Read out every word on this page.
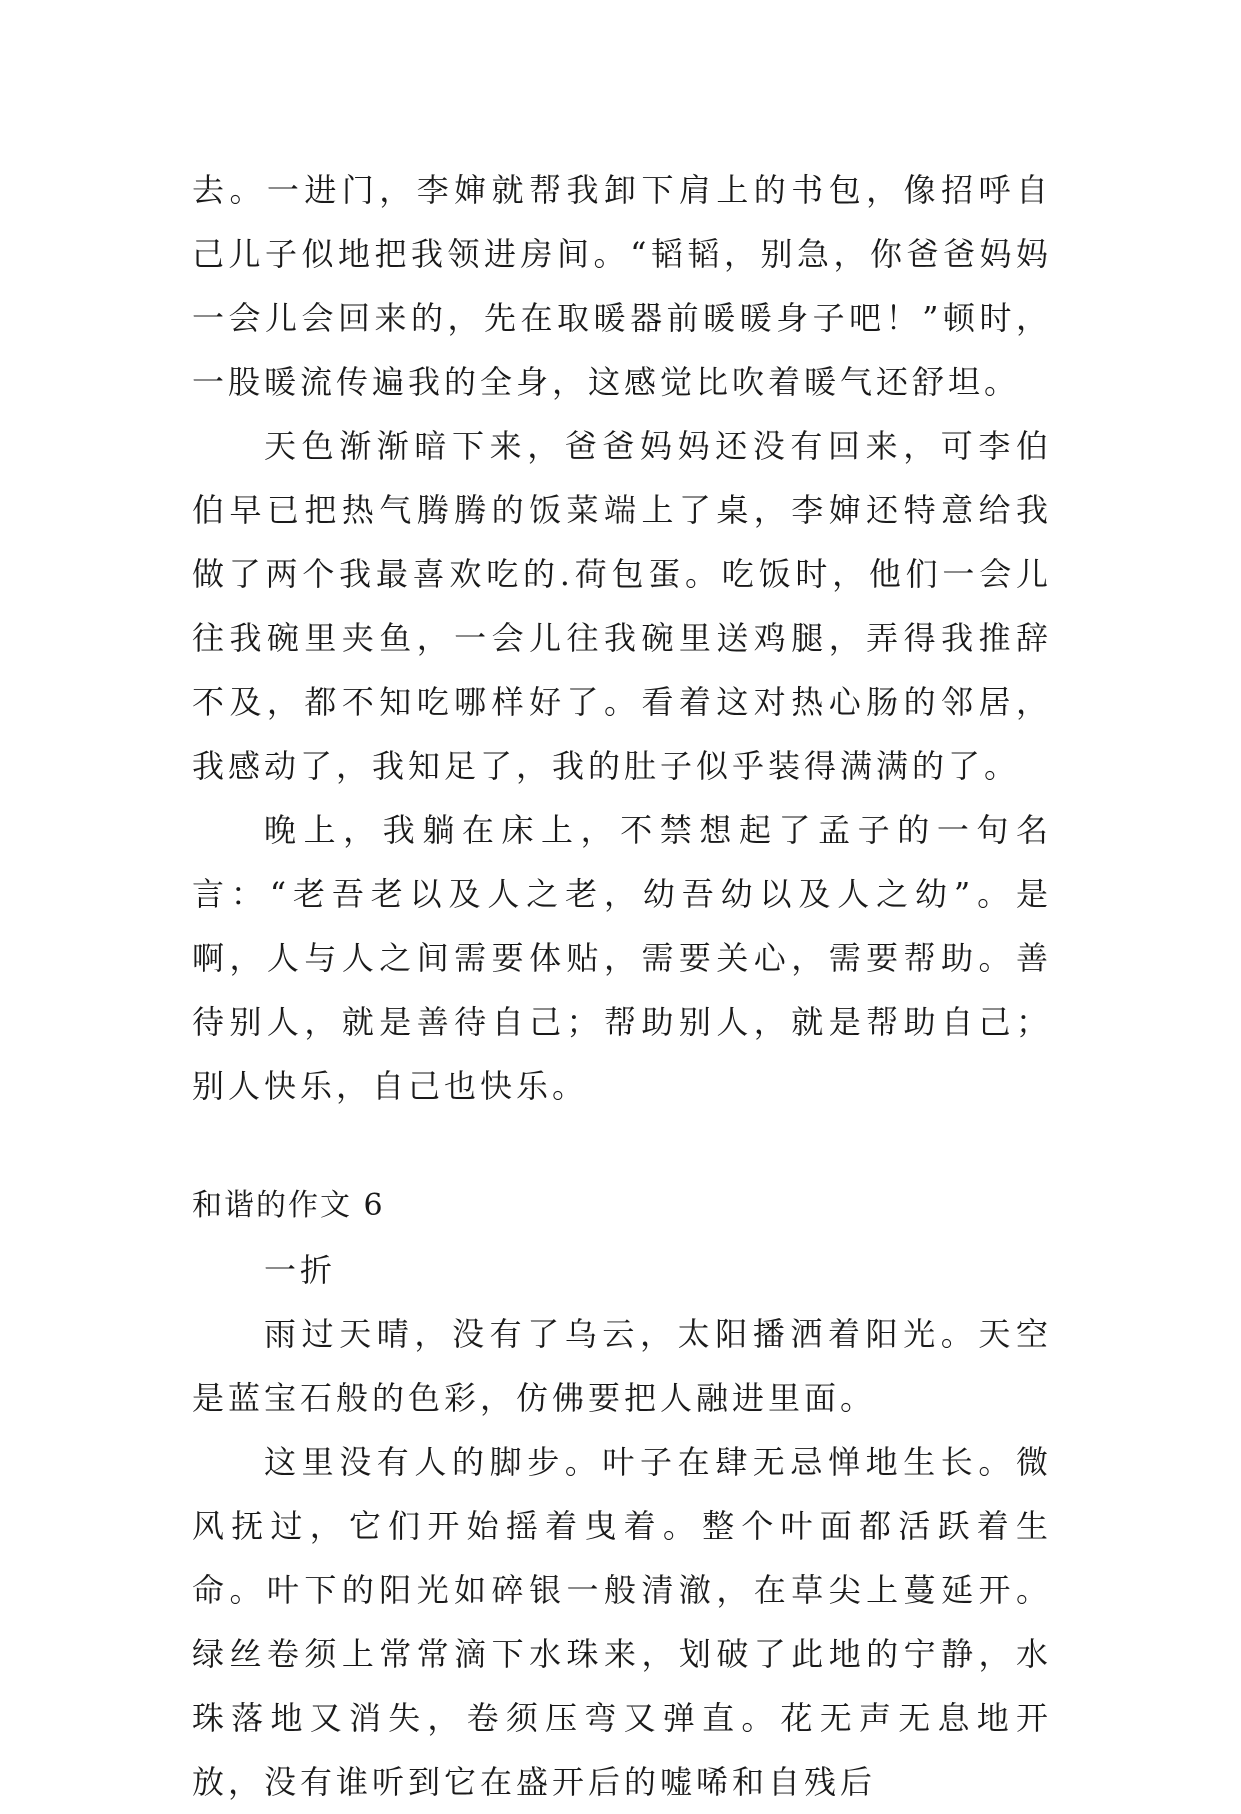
去。一进门，李婶就帮我卸下肩上的书包，像招呼自己儿子似地把我领进房间。“韬韬，别急，你爸爸妈妈一会儿会回来的，先在取暖器前暖暖身子吧！”顿时，一股暖流传遍我的全身，这感觉比吹着暖气还舒坦。

天色渐渐暗下来，爸爸妈妈还没有回来，可李伯伯早已把热气腾腾的饭菜端上了桌，李婶还特意给我做了两个我最喜欢吃的.荷包蛋。吃饭时，他们一会儿往我碗里夹鱼，一会儿往我碗里送鸡腿，弄得我推辞不及，都不知吃哪样好了。看着这对热心肠的邻居，我感动了，我知足了，我的肚子似乎装得满满的了。

晚上，我躺在床上，不禁想起了孟子的一句名言：“老吾老以及人之老，幼吾幼以及人之幼”。是啊，人与人之间需要体贴，需要关心，需要帮助。善待别人，就是善待自己；帮助别人，就是帮助自己；别人快乐，自己也快乐。

和谐的作文 6

一折

雨过天晴，没有了乌云，太阳播洒着阳光。天空是蓝宝石般的色彩，仿佛要把人融进里面。

这里没有人的脚步。叶子在肆无忌惮地生长。微风抚过，它们开始摇着曳着。整个叶面都活跃着生命。叶下的阳光如碎银一般清澈，在草尖上蔓延开。绿丝卷须上常常滴下水珠来，划破了此地的宁静，水珠落地又消失，卷须压弯又弹直。花无声无息地开放，没有谁听到它在盛开后的嘘唏和自残后
